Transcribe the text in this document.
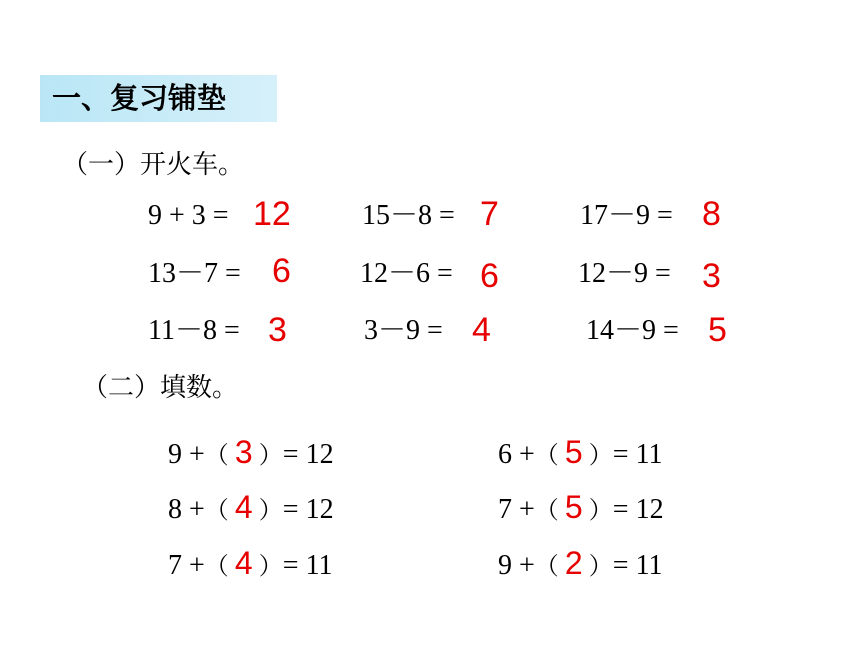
一、复习铺垫
（一）开火车。
9 + 3 = 12	15－8 = 7	17－9 = 8
13－7 = 6 12－6 = 6	12－9 = 3
11－8 = 3	3－9 = 4	14－9 = 5
（二）填数。
9 +（ 3 ）= 12	6 +（ 5 ）= 11
8 +（ 4 ）= 12	7 +（ 5 ）= 12
7 +（ 4 ）= 11	9 +（ 2 ）= 11
